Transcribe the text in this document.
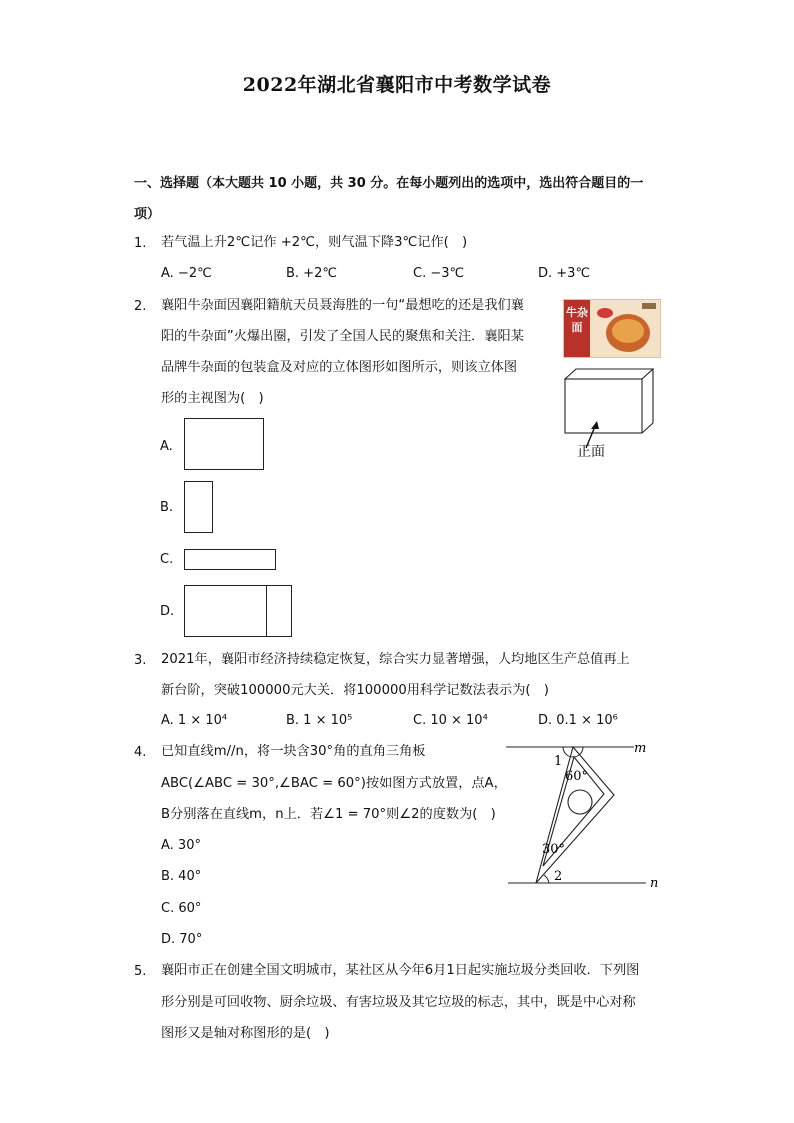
2022年湖北省襄阳市中考数学试卷
一、选择题（本大题共 10 小题，共 30 分。在每小题列出的选项中，选出符合题目的一
项）
1. 若气温上升2℃记作 +2℃，则气温下降3℃记作(　)
A. −2℃	B. +2℃	C. −3℃	D. +3℃
2. 襄阳牛杂面因襄阳籍航天员聂海胜的一句“最想吃的还是我们襄
阳的牛杂面”火爆出圈，引发了全国人民的聚焦和关注．襄阳某
品牌牛杂面的包装盒及对应的立体图形如图所示，则该立体图
形的主视图为(　)
牛杂面
正面
A.
B.
C.
D.
3. 2021年，襄阳市经济持续稳定恢复，综合实力显著增强，人均地区生产总值再上
新台阶，突破100000元大关．将100000用科学记数法表示为(　)
A. 1 × 10⁴	B. 1 × 10⁵	C. 10 × 10⁴	D. 0.1 × 10⁶
4. 已知直线m//n，将一块含30°角的直角三角板
ABC(∠ABC = 30°,∠BAC = 60°)按如图方式放置，点A，
B分别落在直线m，n上．若∠1 = 70°则∠2的度数为(　)
A. 30°
B. 40°
C. 60°
D. 70°
m
n
1
60°
30°
2
5. 襄阳市正在创建全国文明城市，某社区从今年6月1日起实施垃圾分类回收．下列图
形分别是可回收物、厨余垃圾、有害垃圾及其它垃圾的标志，其中，既是中心对称
图形又是轴对称图形的是(　)
